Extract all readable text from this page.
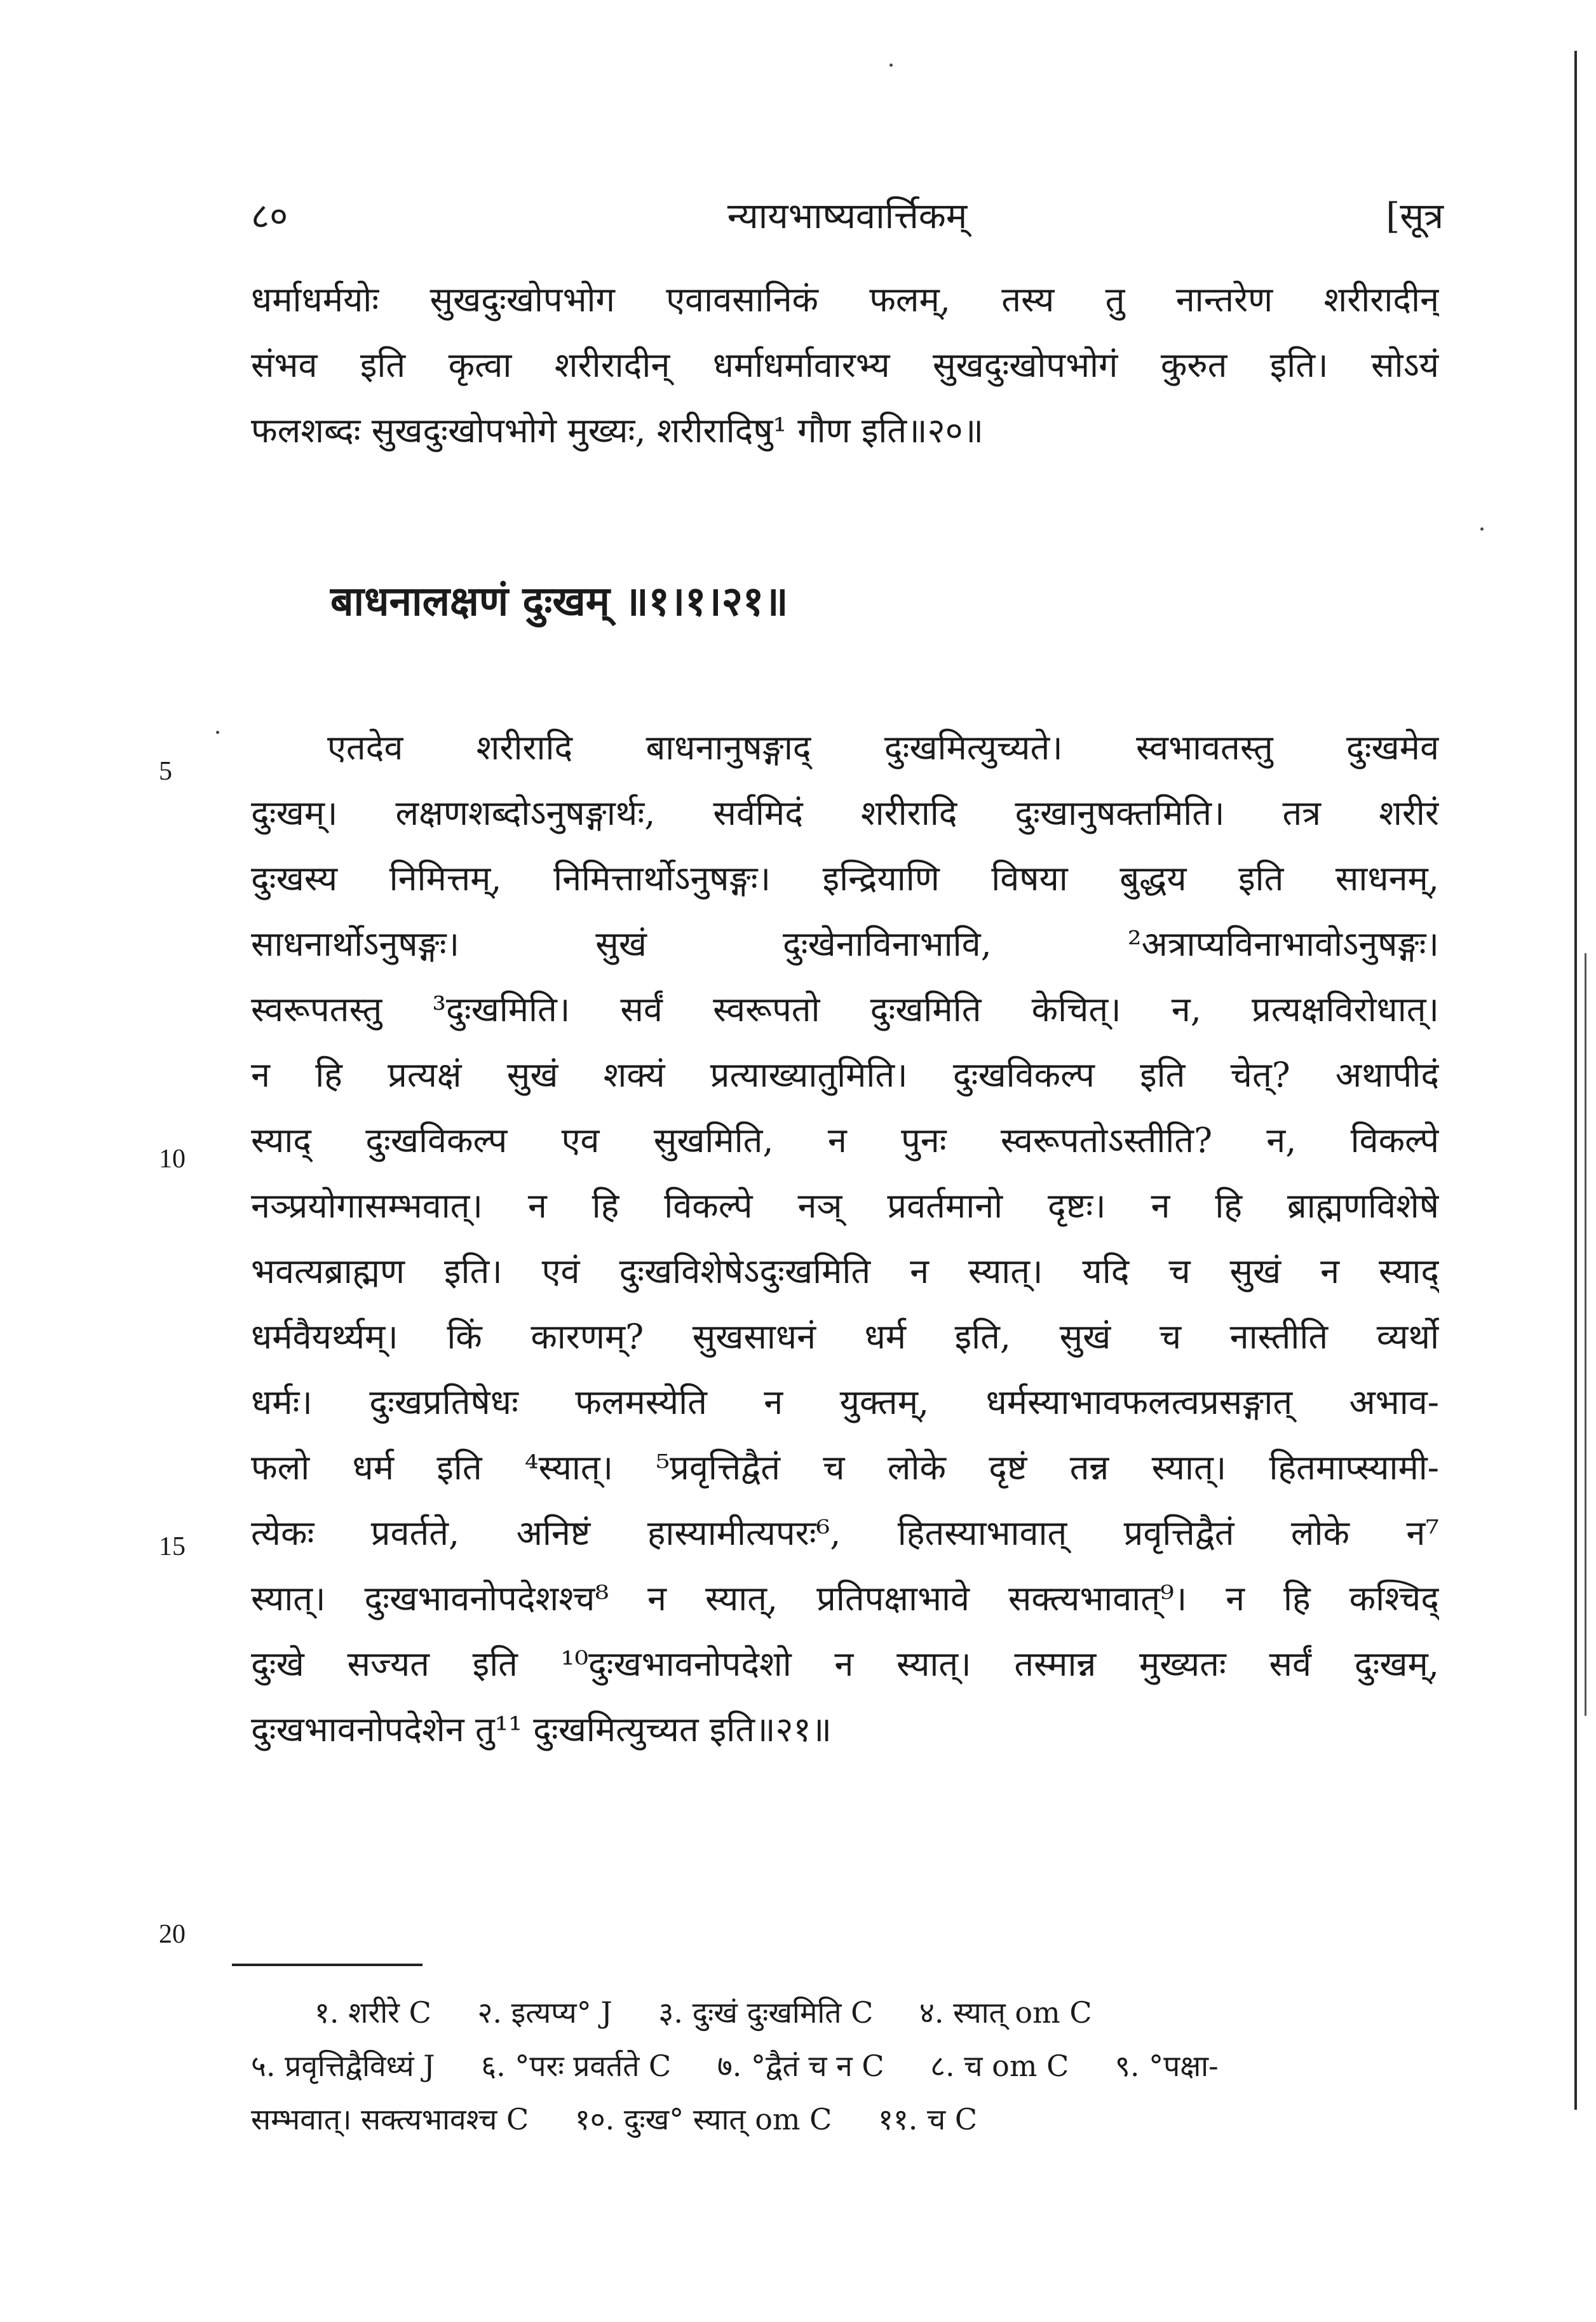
८०	न्यायभाष्यवार्त्तिकम्	[सूत्र
धर्माधर्मयोः सुखदुःखोपभोग एवावसानिकं फलम्, तस्य तु नान्तरेण शरीरादीन्
संभव इति कृत्वा शरीरादीन् धर्माधर्मावारभ्य सुखदुःखोपभोगं कुरुत इति। सोऽयं
फलशब्दः सुखदुःखोपभोगे मुख्यः, शरीरादिषु¹ गौण इति॥२०॥
बाधनालक्षणं दुःखम् ॥१।१।२१॥
एतदेव शरीरादि बाधनानुषङ्गाद् दुःखमित्युच्यते। स्वभावतस्तु दुःखमेव
दुःखम्। लक्षणशब्दोऽनुषङ्गार्थः, सर्वमिदं शरीरादि दुःखानुषक्तमिति। तत्र शरीरं
दुःखस्य निमित्तम्, निमित्तार्थोऽनुषङ्गः। इन्द्रियाणि विषया बुद्धय इति साधनम्,
साधनार्थोऽनुषङ्गः। सुखं दुःखेनाविनाभावि, ²अत्राप्यविनाभावोऽनुषङ्गः।
स्वरूपतस्तु ³दुःखमिति। सर्वं स्वरूपतो दुःखमिति केचित्। न, प्रत्यक्षविरोधात्।
न हि प्रत्यक्षं सुखं शक्यं प्रत्याख्यातुमिति। दुःखविकल्प इति चेत्? अथापीदं
स्याद् दुःखविकल्प एव सुखमिति, न पुनः स्वरूपतोऽस्तीति? न, विकल्पे
नञ्प्रयोगासम्भवात्। न हि विकल्पे नञ् प्रवर्तमानो दृष्टः। न हि ब्राह्मणविशेषे
भवत्यब्राह्मण इति। एवं दुःखविशेषेऽदुःखमिति न स्यात्। यदि च सुखं न स्याद्
धर्मवैयर्थ्यम्। किं कारणम्? सुखसाधनं धर्म इति, सुखं च नास्तीति व्यर्थो
धर्मः। दुःखप्रतिषेधः फलमस्येति न युक्तम्, धर्मस्याभावफलत्वप्रसङ्गात् अभाव-
फलो धर्म इति ⁴स्यात्। ⁵प्रवृत्तिद्वैतं च लोके दृष्टं तन्न स्यात्। हितमाप्स्यामी-
त्येकः प्रवर्तते, अनिष्टं हास्यामीत्यपरः⁶, हितस्याभावात् प्रवृत्तिद्वैतं लोके न⁷
स्यात्। दुःखभावनोपदेशश्च⁸ न स्यात्, प्रतिपक्षाभावे सक्त्यभावात्⁹। न हि कश्चिद्
दुःखे सज्यत इति ¹⁰दुःखभावनोपदेशो न स्यात्। तस्मान्न मुख्यतः सर्वं दुःखम्,
दुःखभावनोपदेशेन तु¹¹ दुःखमित्युच्यत इति॥२१॥
5
10
15
20
१. शरीरे C २. इत्यप्य° J ३. दुःखं दुःखमिति C ४. स्यात् om C
५. प्रवृत्तिद्वैविध्यं J ६. °परः प्रवर्तते C ७. °द्वैतं च न C ८. च om C ९. °पक्षा-
सम्भवात्। सक्त्यभावश्च C १०. दुःख° स्यात् om C ११. च C
